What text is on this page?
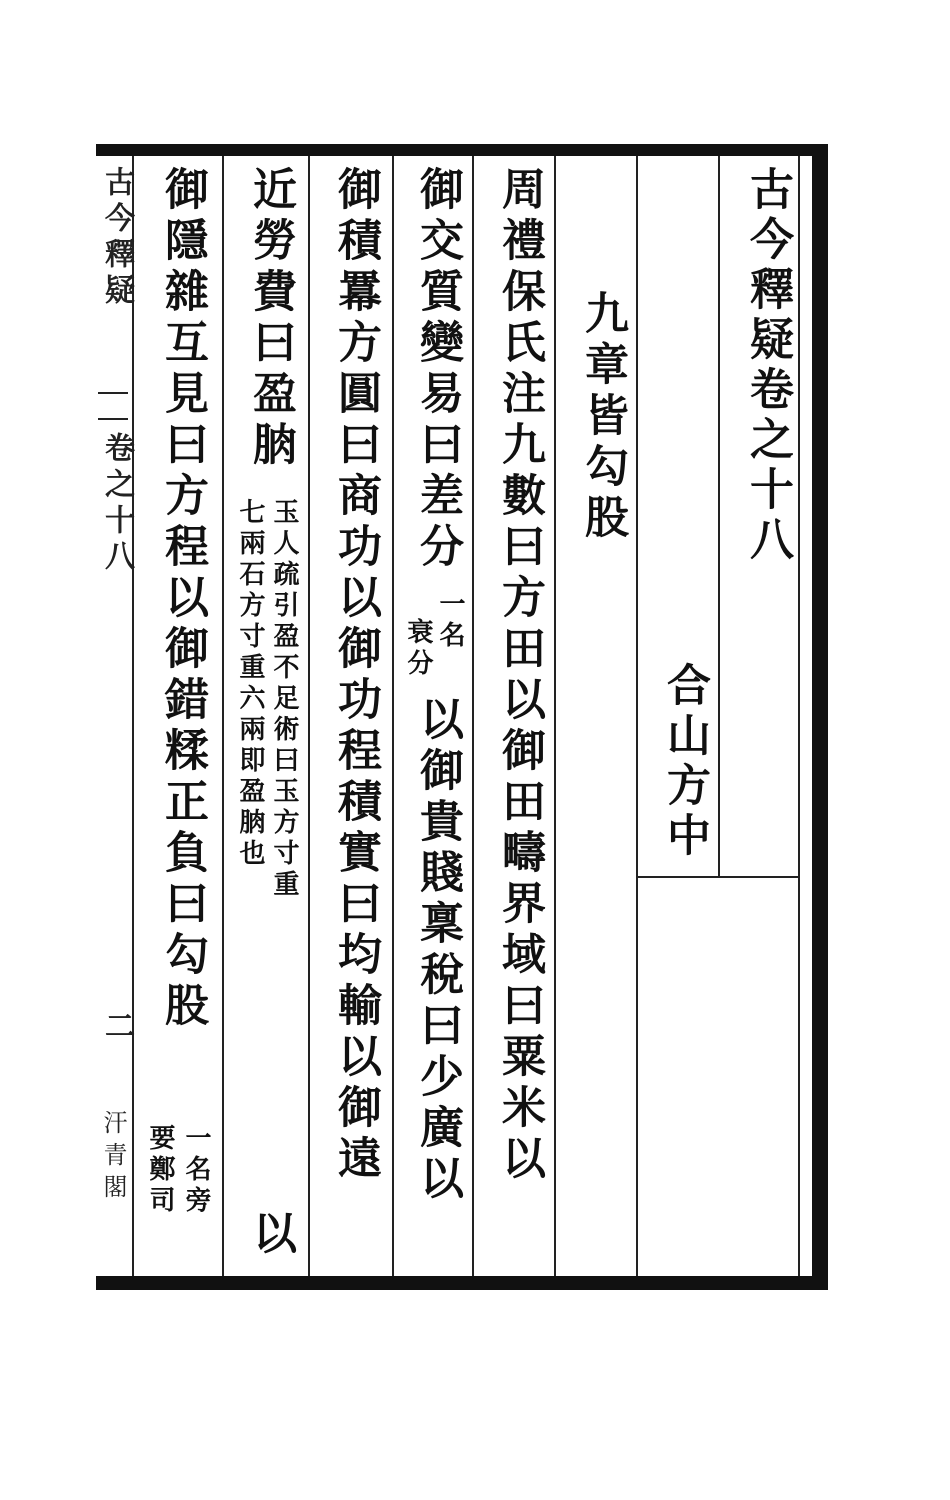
古今釋疑卷之十八

合山方中

九章皆勾股

周禮保氏注九數曰方田以御田疇界域曰粟米以

御交質變易曰差分

一名

衰分

以御貴賤稟稅曰少廣以

御積羃方圓曰商功以御功程積實曰均輸以御遠

近勞費曰盈朒

玉人疏引盈不足術曰玉方寸重

七兩石方寸重六兩即盈朒也

以

御隱雜互見曰方程以御錯糅正負曰勾股

一名旁

要鄭司

古今釋疑

卷之十八

二

汗青閣
